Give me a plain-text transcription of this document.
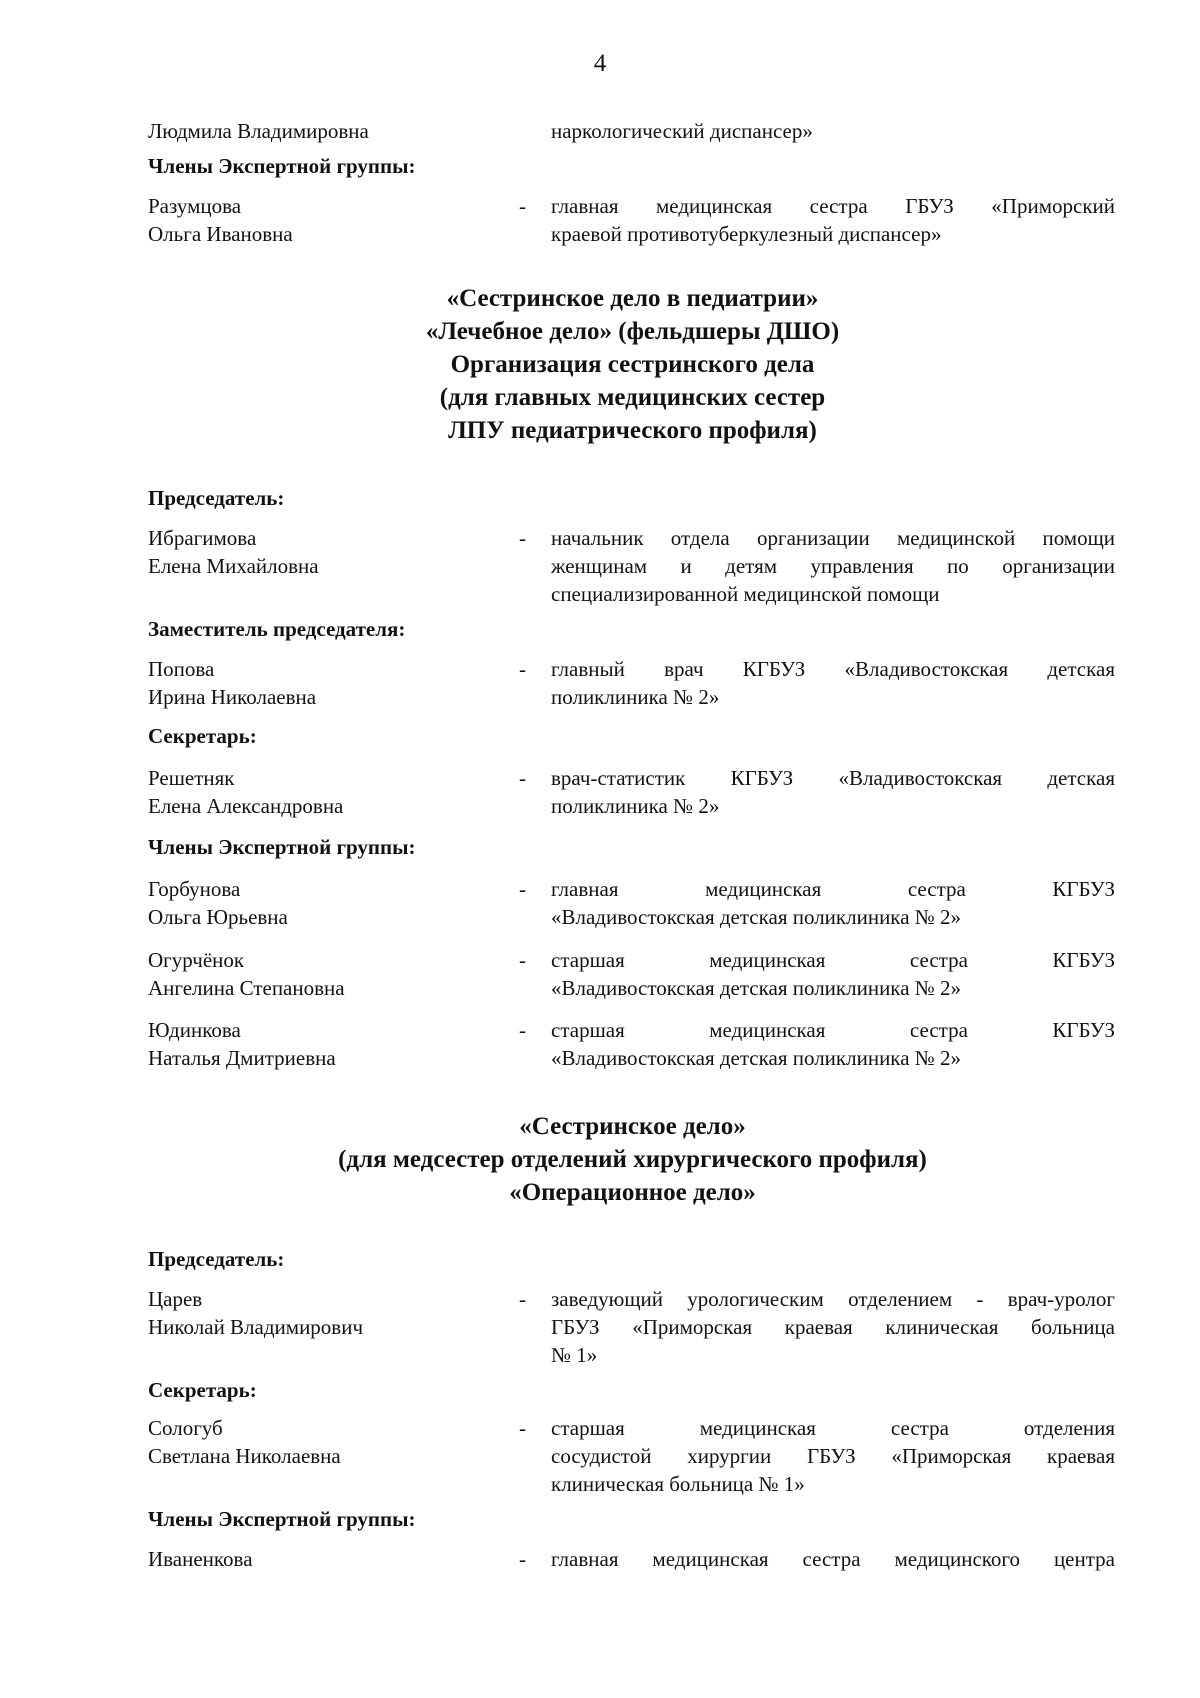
4
Людмила Владимировна	наркологический диспансер»
Члены Экспертной группы:
Разумцова
Ольга Ивановна
- главная медицинская сестра ГБУЗ «Приморский
краевой противотуберкулезный диспансер»
«Сестринское дело в педиатрии»
«Лечебное дело» (фельдшеры ДШО)
Организация сестринского дела
(для главных медицинских сестер
ЛПУ педиатрического профиля)
Председатель:
Ибрагимова
Елена Михайловна
- начальник отдела организации медицинской помощи
женщинам и детям управления по организации
специализированной медицинской помощи
Заместитель председателя:
Попова
Ирина Николаевна
- главный врач КГБУЗ «Владивостокская детская
поликлиника № 2»
Секретарь:
Решетняк
Елена Александровна
- врач-статистик КГБУЗ «Владивостокская детская
поликлиника № 2»
Члены Экспертной группы:
Горбунова
Ольга Юрьевна
- главная медицинская сестра КГБУЗ
«Владивостокская детская поликлиника № 2»
Огурчёнок
Ангелина Степановна
- старшая медицинская сестра КГБУЗ
«Владивостокская детская поликлиника № 2»
Юдинкова
Наталья Дмитриевна
- старшая медицинская сестра КГБУЗ
«Владивостокская детская поликлиника № 2»
«Сестринское дело»
(для медсестер отделений хирургического профиля)
«Операционное дело»
Председатель:
Царев
Николай Владимирович
- заведующий урологическим отделением - врач-уролог
ГБУЗ «Приморская краевая клиническая больница
№ 1»
Секретарь:
Сологуб
Светлана Николаевна
- старшая медицинская сестра отделения
сосудистой хирургии ГБУЗ «Приморская краевая
клиническая больница № 1»
Члены Экспертной группы:
Иваненкова	- главная медицинская сестра медицинского центра
